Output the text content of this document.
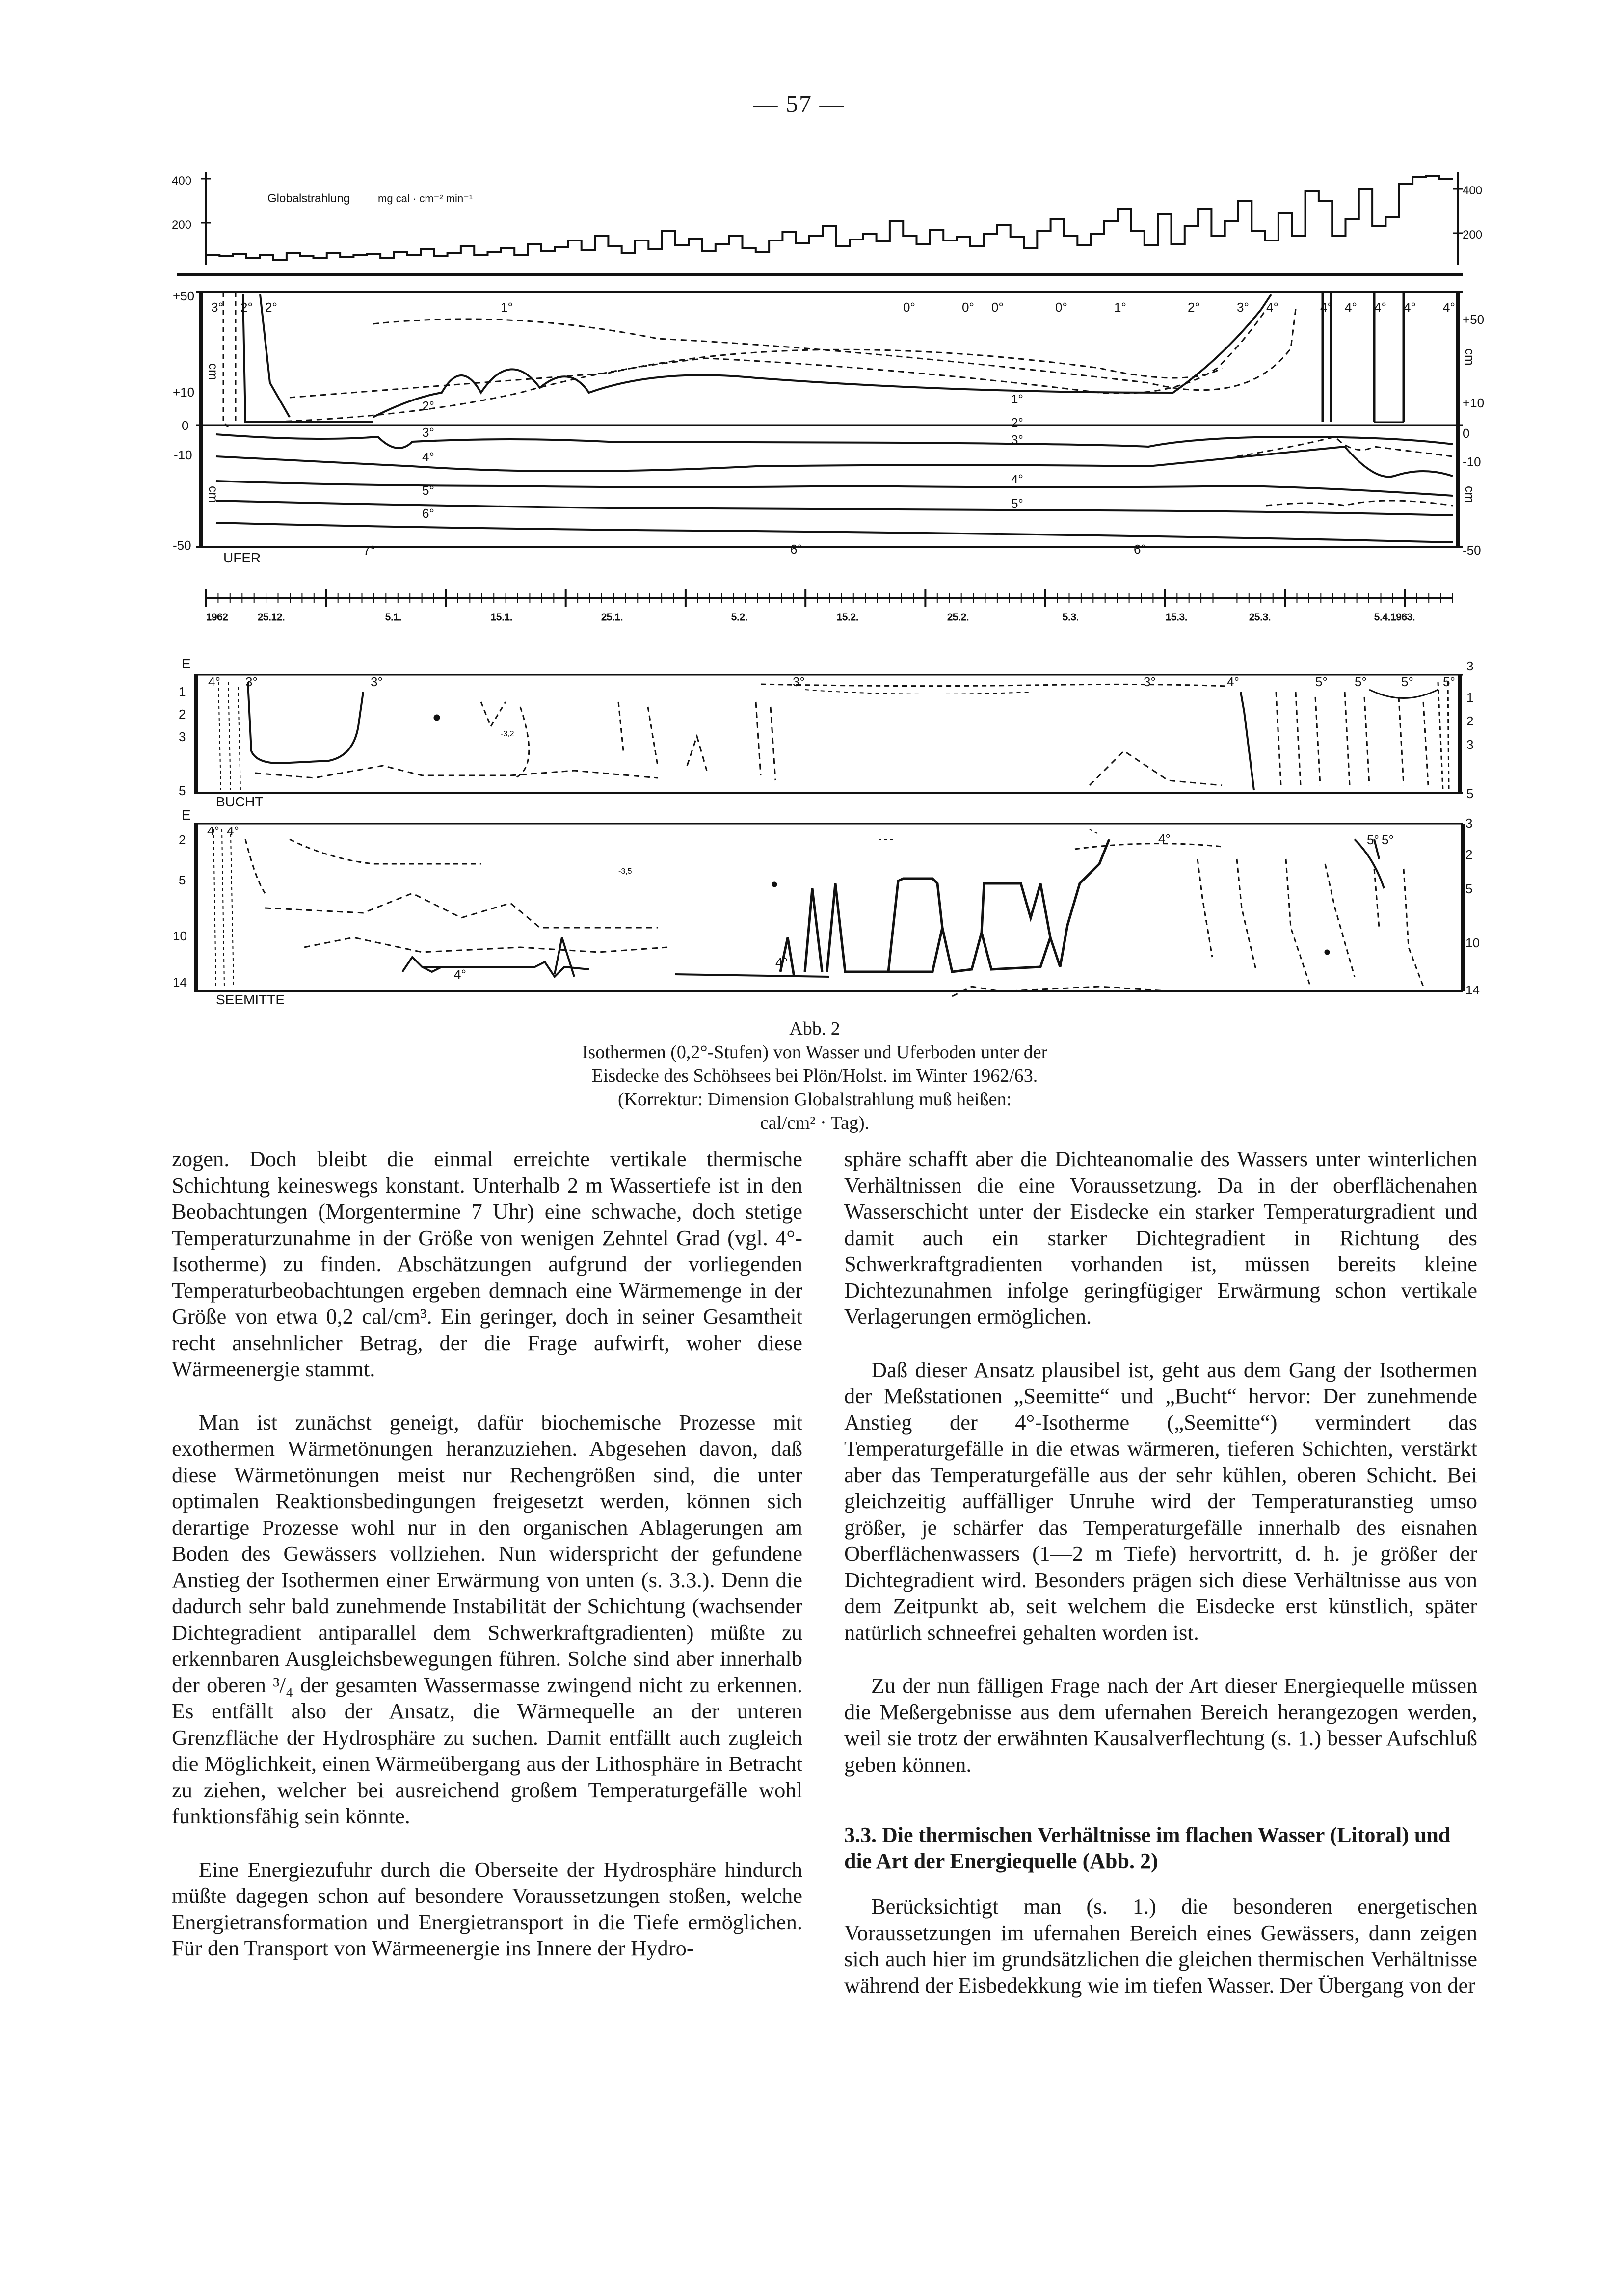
— 57 —
400
200
400
200
Globalstrahlung	mg cal · cm⁻² min⁻¹
+50
+10
0
-10
-50
+50
+10
0
-10
-50
cm
cm
cm
cm
UFER
3° 2° 2°	1°	0°	0° 0°	0°	1°	2°	3° 4°	4° 4° 4° 4° 4°
2°
3°
4°
5°
6°
7°
1°
2°
3°
4°
5°
6°	6°
1962	25.12.	5.1.	15.1.	25.1.	5.2.	15.2.	25.2.	5.3.	15.3.	25.3.	5.4.1963.
E
1
2
3
5
3
1
2
3
5
BUCHT
4° 3°	3°	3°	3°	4°	5° 5°	5° 5°
-3,2
E
2
5
10
14
3
2
5
10
14
SEEMITTE
4° 4°
4°
4°
4°
5° 5°
-3,5
Abb. 2
Isothermen (0,2°-Stufen) von Wasser und Uferboden unter der
Eisdecke des Schöhsees bei Plön/Holst. im Winter 1962/63.
(Korrektur: Dimension Globalstrahlung muß heißen:
cal/cm² · Tag).

zogen. Doch bleibt die einmal erreichte vertikale thermische Schichtung keineswegs konstant. Unterhalb 2 m Wassertiefe ist in den Beobachtungen (Morgentermine 7 Uhr) eine schwache, doch stetige Temperaturzunahme in der Größe von wenigen Zehntel Grad (vgl. 4°-Isotherme) zu finden. Abschätzungen aufgrund der vorliegenden Temperaturbeobachtungen ergeben demnach eine Wärmemenge in der Größe von etwa 0,2 cal/cm³. Ein geringer, doch in seiner Gesamtheit recht ansehnlicher Betrag, der die Frage aufwirft, woher diese Wärmeenergie stammt.

Man ist zunächst geneigt, dafür biochemische Prozesse mit exothermen Wärmetönungen heranzuziehen. Abgesehen davon, daß diese Wärmetönungen meist nur Rechengrößen sind, die unter optimalen Reaktionsbedingungen freigesetzt werden, können sich derartige Prozesse wohl nur in den organischen Ablagerungen am Boden des Gewässers vollziehen. Nun widerspricht der gefundene Anstieg der Isothermen einer Erwärmung von unten (s. 3.3.). Denn die dadurch sehr bald zunehmende Instabilität der Schichtung (wachsender Dichtegradient antiparallel dem Schwerkraftgradienten) müßte zu erkennbaren Ausgleichsbewegungen führen. Solche sind aber innerhalb der oberen ³/₄ der gesamten Wassermasse zwingend nicht zu erkennen. Es entfällt also der Ansatz, die Wärmequelle an der unteren Grenzfläche der Hydrosphäre zu suchen. Damit entfällt auch zugleich die Möglichkeit, einen Wärmeübergang aus der Lithosphäre in Betracht zu ziehen, welcher bei ausreichend großem Temperaturgefälle wohl funktionsfähig sein könnte.

Eine Energiezufuhr durch die Oberseite der Hydrosphäre hindurch müßte dagegen schon auf besondere Voraussetzungen stoßen, welche Energietransformation und Energietransport in die Tiefe ermöglichen. Für den Transport von Wärmeenergie ins Innere der Hydro-

sphäre schafft aber die Dichteanomalie des Wassers unter winterlichen Verhältnissen die eine Voraussetzung. Da in der oberflächenahen Wasserschicht unter der Eisdecke ein starker Temperaturgradient und damit auch ein starker Dichtegradient in Richtung des Schwerkraftgradienten vorhanden ist, müssen bereits kleine Dichtezunahmen infolge geringfügiger Erwärmung schon vertikale Verlagerungen ermöglichen.

Daß dieser Ansatz plausibel ist, geht aus dem Gang der Isothermen der Meßstationen „Seemitte“ und „Bucht“ hervor: Der zunehmende Anstieg der 4°-Isotherme („Seemitte“) vermindert das Temperaturgefälle in die etwas wärmeren, tieferen Schichten, verstärkt aber das Temperaturgefälle aus der sehr kühlen, oberen Schicht. Bei gleichzeitig auffälliger Unruhe wird der Temperaturanstieg umso größer, je schärfer das Temperaturgefälle innerhalb des eisnahen Oberflächenwassers (1—2 m Tiefe) hervortritt, d. h. je größer der Dichtegradient wird. Besonders prägen sich diese Verhältnisse aus von dem Zeitpunkt ab, seit welchem die Eisdecke erst künstlich, später natürlich schneefrei gehalten worden ist.

Zu der nun fälligen Frage nach der Art dieser Energiequelle müssen die Meßergebnisse aus dem ufernahen Bereich herangezogen werden, weil sie trotz der erwähnten Kausalverflechtung (s. 1.) besser Aufschluß geben können.

3.3. Die thermischen Verhältnisse im flachen Wasser (Litoral) und die Art der Energiequelle (Abb. 2)

Berücksichtigt man (s. 1.) die besonderen energetischen Voraussetzungen im ufernahen Bereich eines Gewässers, dann zeigen sich auch hier im grundsätzlichen die gleichen thermischen Verhältnisse während der Eisbedekkung wie im tiefen Wasser. Der Übergang von der
